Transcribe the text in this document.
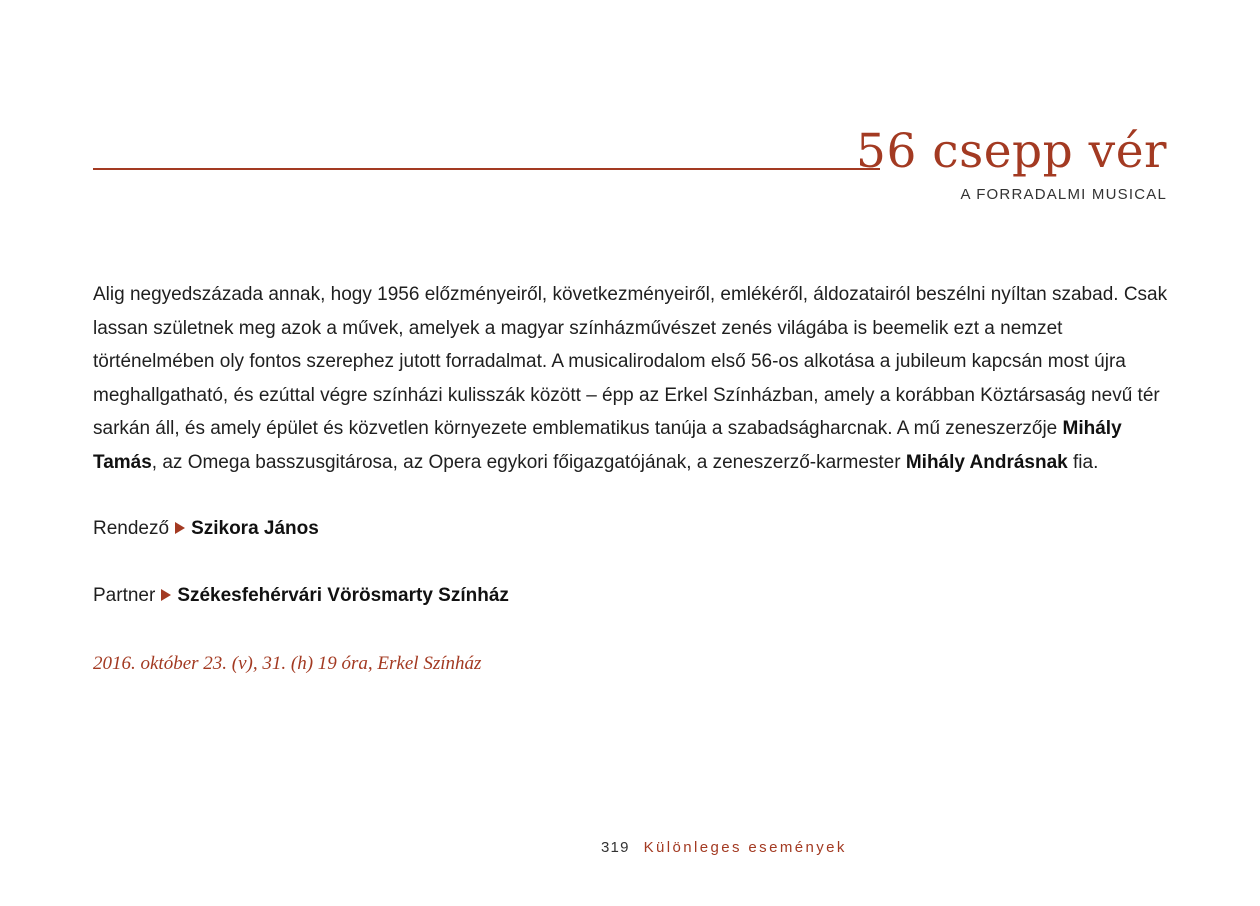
56 csepp vér
A FORRADALMI MUSICAL

Alig negyedszázada annak, hogy 1956 előzményeiről, következményeiről, emlékéről, áldozatairól beszélni nyíltan szabad. Csak lassan születnek meg azok a művek, amelyek a magyar színházművészet zenés világába is beemelik ezt a nemzet történelmében oly fontos szerephez jutott forradalmat. A musicalirodalom első 56-os alkotása a jubileum kapcsán most újra meghallgatható, és ezúttal végre színházi kulisszák között – épp az Erkel Színházban, amely a korábban Köztársaság nevű tér sarkán áll, és amely épület és közvetlen környezete emblematikus tanúja a szabadságharcnak. A mű zeneszerzője Mihály Tamás, az Omega basszusgitárosa, az Opera egykori főigazgatójának, a zeneszerző-karmester Mihály Andrásnak fia.

Rendező Szikora János
Partner Székesfehérvári Vörösmarty Színház
2016. október 23. (v), 31. (h) 19 óra, Erkel Színház
319 Különleges események
